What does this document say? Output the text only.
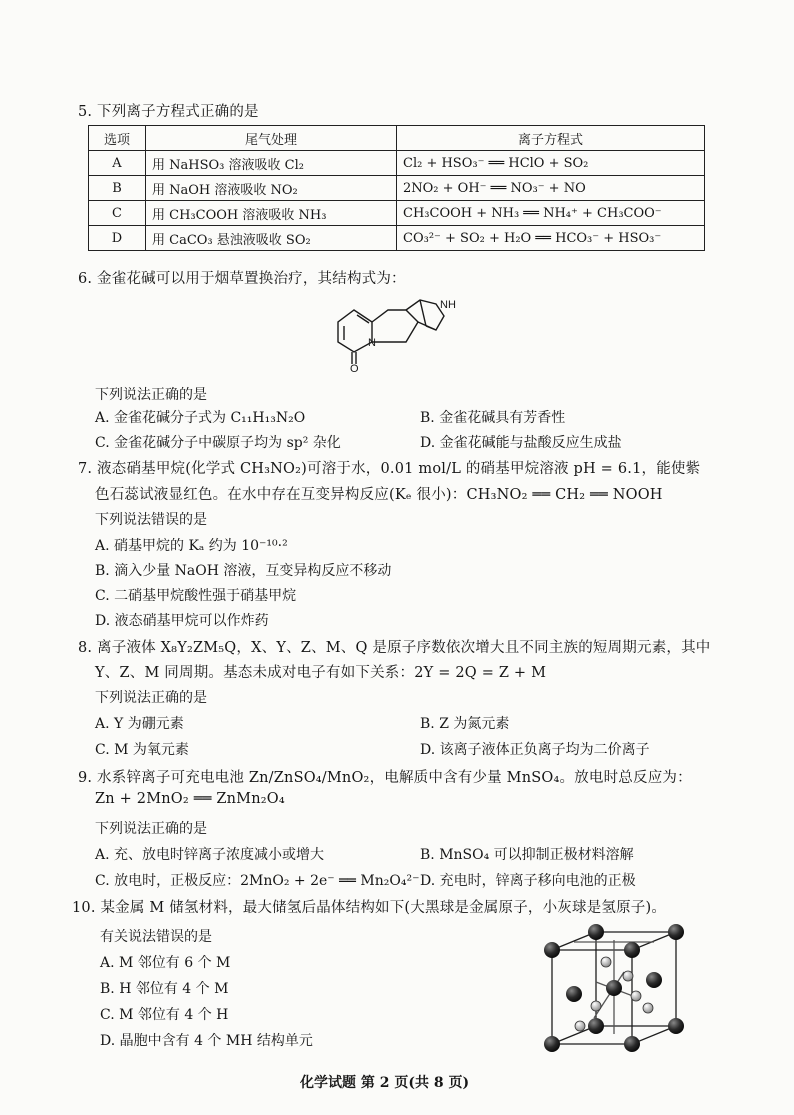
5. 下列离子方程式正确的是
选项	尾气处理	离子方程式
A	用 NaHSO₃ 溶液吸收 Cl₂	Cl₂ + HSO₃⁻ ══ HClO + SO₂
B	用 NaOH 溶液吸收 NO₂	2NO₂ + OH⁻ ══ NO₃⁻ + NO
C	用 CH₃COOH 溶液吸收 NH₃	CH₃COOH + NH₃ ══ NH₄⁺ + CH₃COO⁻
D	用 CaCO₃ 悬浊液吸收 SO₂	CO₃²⁻ + SO₂ + H₂O ══ HCO₃⁻ + HSO₃⁻
6. 金雀花碱可以用于烟草置换治疗，其结构式为：
NH
N
O
下列说法正确的是
A. 金雀花碱分子式为 C₁₁H₁₃N₂O	B. 金雀花碱具有芳香性
C. 金雀花碱分子中碳原子均为 sp² 杂化	D. 金雀花碱能与盐酸反应生成盐
7. 液态硝基甲烷(化学式 CH₃NO₂)可溶于水，0.01 mol/L 的硝基甲烷溶液 pH = 6.1，能使紫
色石蕊试液显红色。在水中存在互变异构反应(Kₑ 很小)：CH₃NO₂ ══ CH₂ ══ NOOH
下列说法错误的是
A. 硝基甲烷的 Kₐ 约为 10⁻¹⁰·²
B. 滴入少量 NaOH 溶液，互变异构反应不移动
C. 二硝基甲烷酸性强于硝基甲烷
D. 液态硝基甲烷可以作炸药
8. 离子液体 X₈Y₂ZM₅Q，X、Y、Z、M、Q 是原子序数依次增大且不同主族的短周期元素，其中
Y、Z、M 同周期。基态未成对电子有如下关系：2Y = 2Q = Z + M
下列说法正确的是
A. Y 为硼元素	B. Z 为氮元素
C. M 为氧元素	D. 该离子液体正负离子均为二价离子
9. 水系锌离子可充电电池 Zn/ZnSO₄/MnO₂，电解质中含有少量 MnSO₄。放电时总反应为：
Zn + 2MnO₂ ══ ZnMn₂O₄
下列说法正确的是
A. 充、放电时锌离子浓度减小或增大	B. MnSO₄ 可以抑制正极材料溶解
C. 放电时，正极反应：2MnO₂ + 2e⁻ ══ Mn₂O₄²⁻ D. 充电时，锌离子移向电池的正极
10. 某金属 M 储氢材料，最大储氢后晶体结构如下(大黑球是金属原子，小灰球是氢原子)。
有关说法错误的是
A. M 邻位有 6 个 M
B. H 邻位有 4 个 M
C. M 邻位有 4 个 H
D. 晶胞中含有 4 个 MH 结构单元
化学试题 第 2 页(共 8 页)
